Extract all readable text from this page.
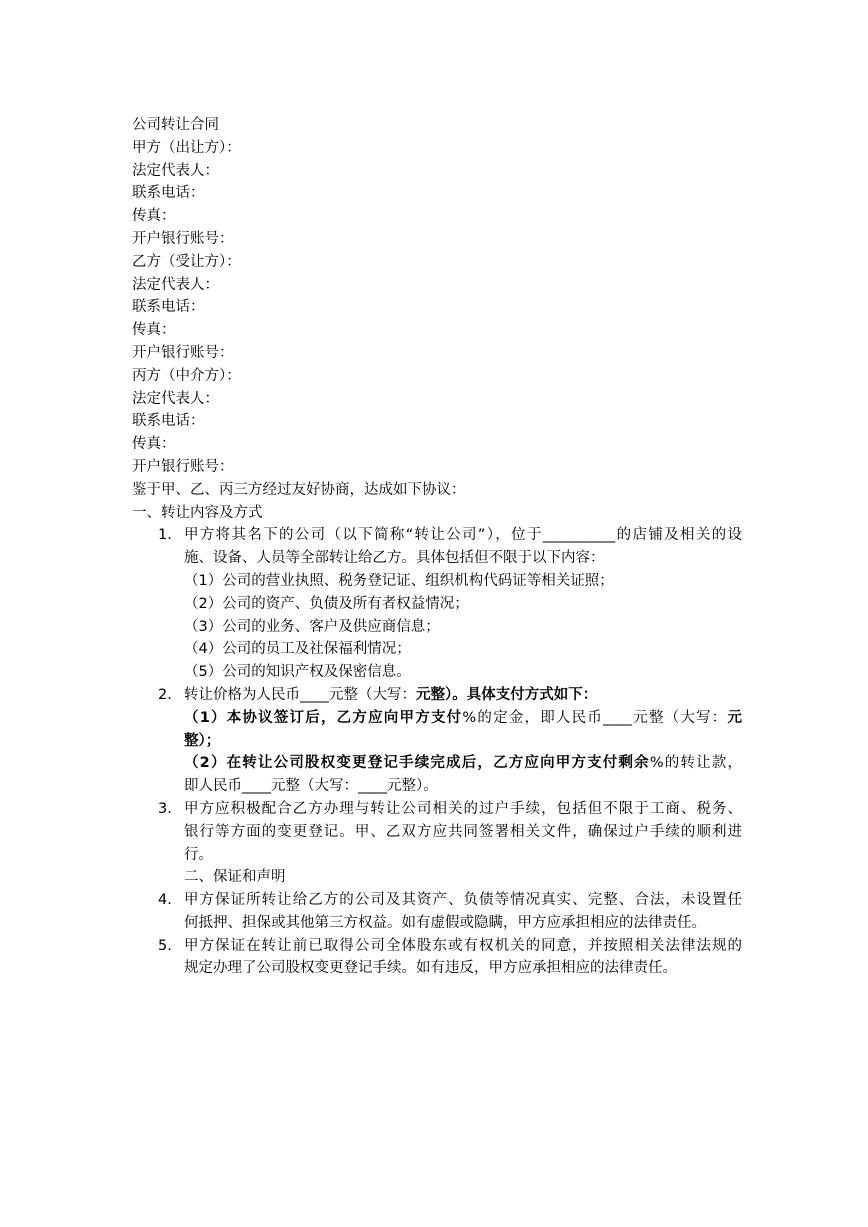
公司转让合同
甲方（出让方）：
法定代表人：
联系电话：
传真：
开户银行账号：
乙方（受让方）：
法定代表人：
联系电话：
传真：
开户银行账号：
丙方（中介方）：
法定代表人：
联系电话：
传真：
开户银行账号：
鉴于甲、乙、丙三方经过友好协商，达成如下协议：
一、转让内容及方式
1. 甲方将其名下的公司（以下简称“转让公司”），位于__________的店铺及相关的设
施、设备、人员等全部转让给乙方。具体包括但不限于以下内容：
（1）公司的营业执照、税务登记证、组织机构代码证等相关证照；
（2）公司的资产、负债及所有者权益情况；
（3）公司的业务、客户及供应商信息；
（4）公司的员工及社保福利情况；
（5）公司的知识产权及保密信息。
2. 转让价格为人民币____元整（大写：元整）。具体支付方式如下：
（1）本协议签订后，乙方应向甲方支付%的定金，即人民币____元整（大写：元
整）；
（2）在转让公司股权变更登记手续完成后，乙方应向甲方支付剩余%的转让款，
即人民币____元整（大写：____元整）。
3. 甲方应积极配合乙方办理与转让公司相关的过户手续，包括但不限于工商、税务、
银行等方面的变更登记。甲、乙双方应共同签署相关文件，确保过户手续的顺利进
行。
二、保证和声明
4. 甲方保证所转让给乙方的公司及其资产、负债等情况真实、完整、合法，未设置任
何抵押、担保或其他第三方权益。如有虚假或隐瞒，甲方应承担相应的法律责任。
5. 甲方保证在转让前已取得公司全体股东或有权机关的同意，并按照相关法律法规的
规定办理了公司股权变更登记手续。如有违反，甲方应承担相应的法律责任。
